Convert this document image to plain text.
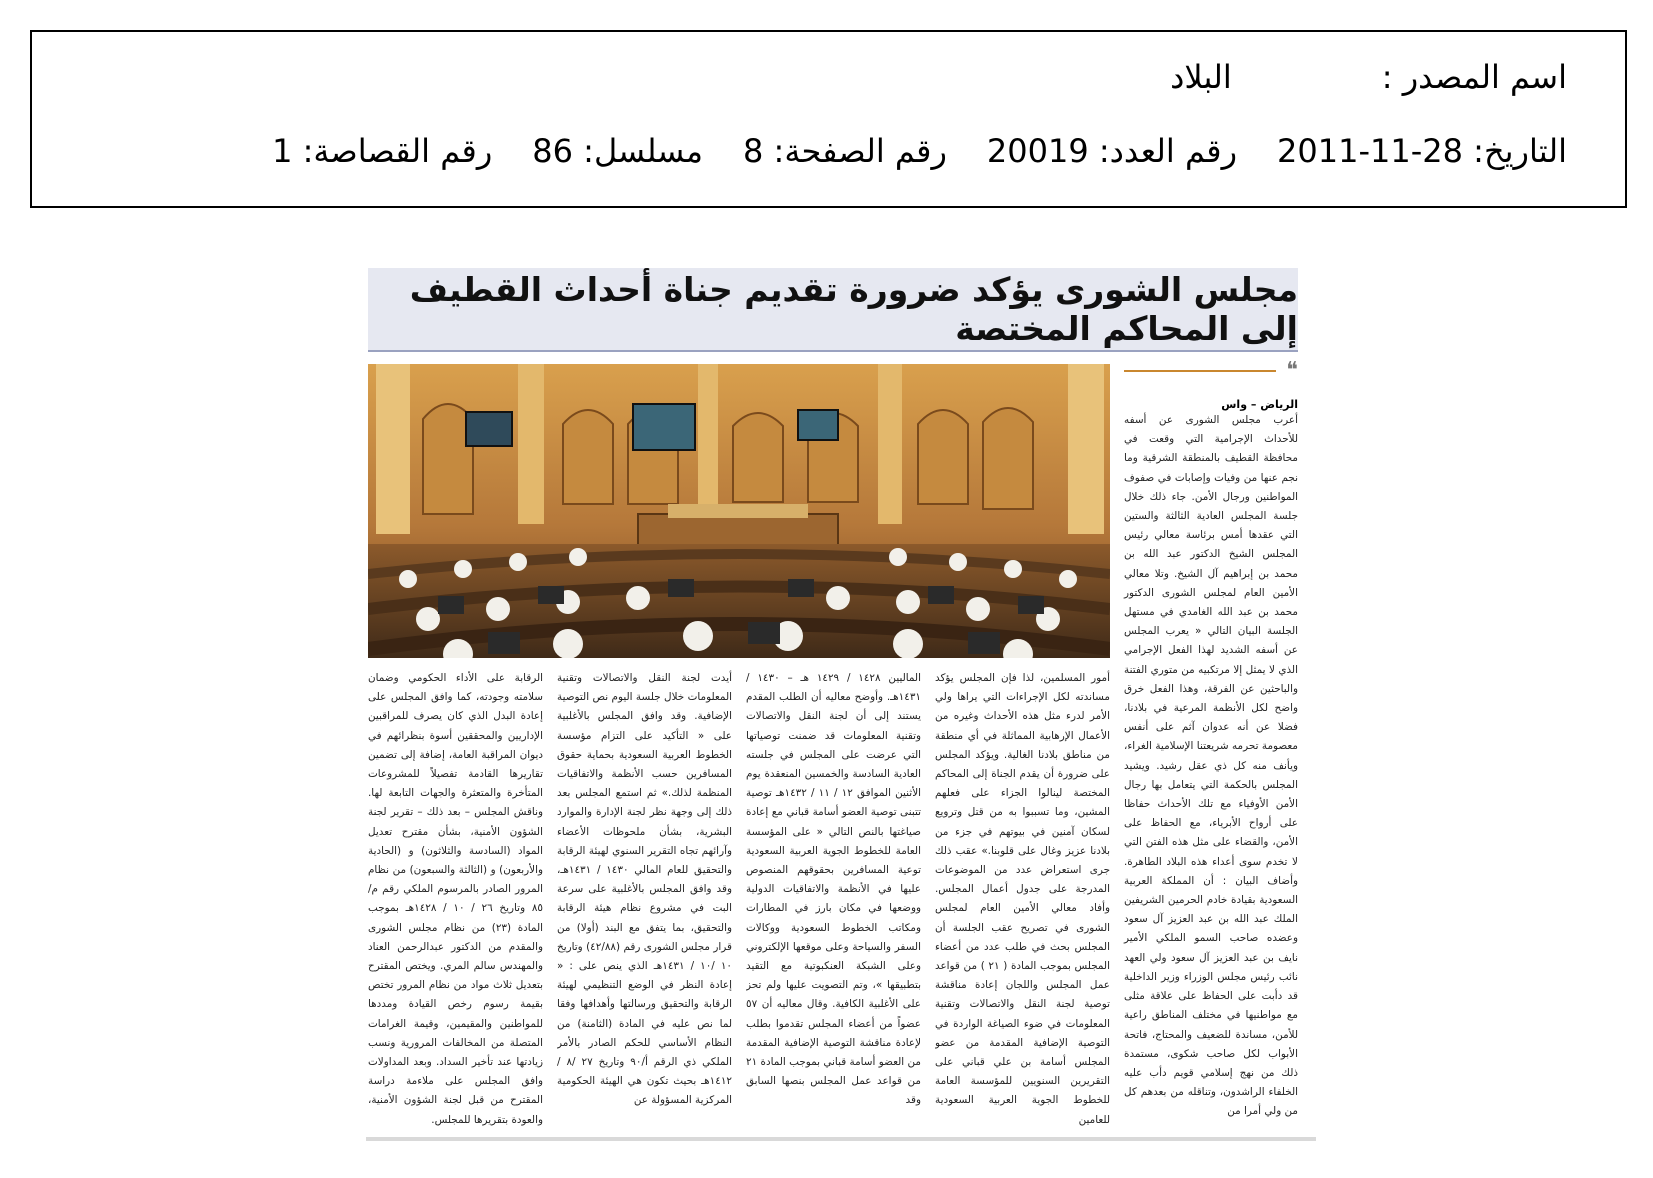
اسم المصدر :
البلاد
التاريخ: 28-11-2011
رقم العدد: 20019
رقم الصفحة: 8
مسلسل: 86
رقم القصاصة: 1
مجلس الشورى يؤكد ضرورة تقديم جناة أحداث القطيف إلى المحاكم المختصة
❝
الرياض – واس

أعرب مجلس الشورى عن أسفه للأحداث الإجرامية التي وقعت في محافظة القطيف بالمنطقة الشرقية وما نجم عنها من وفيات وإصابات في صفوف المواطنين ورجال الأمن. جاء ذلك خلال جلسة المجلس العادية الثالثة والستين التي عقدها أمس برئاسة معالي رئيس المجلس الشيخ الدكتور عبد الله بن محمد بن إبراهيم آل الشيخ. وتلا معالي الأمين العام لمجلس الشورى الدكتور محمد بن عبد الله الغامدي في مستهل الجلسة البيان التالي « يعرب المجلس عن أسفه الشديد لهذا الفعل الإجرامي الذي لا يمثل إلا مرتكبيه من متوري الفتنة والباحثين عن الفرقة، وهذا الفعل خرق واضح لكل الأنظمة المرعية في بلادنا، فضلا عن أنه عدوان آثم على أنفس معصومة تحرمه شريعتنا الإسلامية الغراء، ويأنف منه كل ذي عقل رشيد. ويشيد المجلس بالحكمة التي يتعامل بها رجال الأمن الأوفياء مع تلك الأحداث حفاظا على أرواح الأبرياء، مع الحفاظ على الأمن، والقضاء على مثل هذه الفتن التي لا تخدم سوى أعداء هذه البلاد الطاهرة. وأضاف البيان : أن المملكة العربية السعودية بقيادة خادم الحرمين الشريفين الملك عبد الله بن عبد العزيز آل سعود وعضده صاحب السمو الملكي الأمير نايف بن عبد العزيز آل سعود ولي العهد نائب رئيس مجلس الوزراء وزير الداخلية قد دأبت على الحفاظ على علاقة مثلى مع مواطنيها في مختلف المناطق راعية للأمن، مساندة للضعيف والمحتاج، فاتحة الأبواب لكل صاحب شكوى، مستمدة ذلك من نهج إسلامي قويم دأب عليه الخلفاء الراشدون، وتناقله من بعدهم كل من ولي أمرا من

أمور المسلمين، لذا فإن المجلس يؤكد مساندته لكل الإجراءات التي يراها ولي الأمر لدرء مثل هذه الأحداث وغيره من الأعمال الإرهابية المماثلة في أي منطقة من مناطق بلادنا الغالية. ويؤكد المجلس على ضرورة أن يقدم الجناة إلى المحاكم المختصة لينالوا الجزاء على فعلهم المشين، وما تسببوا به من قتل وترويع لسكان آمنين في بيوتهم في جزء من بلادنا عزيز وغال على قلوبنا.» عقب ذلك جرى استعراض عدد من الموضوعات المدرجة على جدول أعمال المجلس. وأفاد معالي الأمين العام لمجلس الشورى في تصريح عقب الجلسة أن المجلس بحث في طلب عدد من أعضاء المجلس بموجب المادة ( ٢١ ) من قواعد عمل المجلس واللجان إعادة مناقشة توصية لجنة النقل والاتصالات وتقنية المعلومات في ضوء الصياغة الواردة في التوصية الإضافية المقدمة من عضو المجلس أسامة بن علي قباني على التقريرين السنويين للمؤسسة العامة للخطوط الجوية العربية السعودية للعامين

الماليين ١٤٢٨ / ١٤٢٩ هـ – ١٤٣٠ / ١٤٣١هـ. وأوضح معاليه أن الطلب المقدم يستند إلى أن لجنة النقل والاتصالات وتقنية المعلومات قد ضمنت توصياتها التي عرضت على المجلس في جلسته العادية السادسة والخمسين المنعقدة يوم الأثنين الموافق ١٢ / ١١ / ١٤٣٢هـ توصية تتبنى توصية العضو أسامة قباني مع إعادة صياغتها بالنص التالي « على المؤسسة العامة للخطوط الجوية العربية السعودية توعية المسافرين بحقوقهم المنصوص عليها في الأنظمة والاتفاقيات الدولية ووضعها في مكان بارز في المطارات ومكاتب الخطوط السعودية ووكالات السفر والسياحة وعلى موقعها الإلكتروني وعلى الشبكة العنكبوتية مع التقيد بتطبيقها »، وتم التصويت عليها ولم تحز على الأغلبية الكافية. وقال معاليه أن ٥٧ عضواً من أعضاء المجلس تقدموا بطلب لإعادة مناقشة التوصية الإضافية المقدمة من العضو أسامة قباني بموجب المادة ٢١ من قواعد عمل المجلس بنصها السابق وقد

أيدت لجنة النقل والاتصالات وتقنية المعلومات خلال جلسة اليوم نص التوصية الإضافية. وقد وافق المجلس بالأغلبية على « التأكيد على التزام مؤسسة الخطوط العربية السعودية بحماية حقوق المسافرين حسب الأنظمة والاتفاقيات المنظمة لذلك.» ثم استمع المجلس بعد ذلك إلى وجهة نظر لجنة الإدارة والموارد البشرية، بشأن ملحوظات الأعضاء وآرائهم تجاه التقرير السنوي لهيئة الرقابة والتحقيق للعام المالي ١٤٣٠ / ١٤٣١هـ، وقد وافق المجلس بالأغلبية على سرعة البت في مشروع نظام هيئة الرقابة والتحقيق، بما يتفق مع البند (أولا) من قرار مجلس الشورى رقم (٤٢/٨٨) وتاريخ ١٠ /١٠ / ١٤٣١هـ الذي ينص على : « إعادة النظر في الوضع التنظيمي لهيئة الرقابة والتحقيق ورسالتها وأهدافها وفقا لما نص عليه في المادة (الثامنة) من النظام الأساسي للحكم الصادر بالأمر الملكي ذي الرقم أ/٩٠ وتاريخ ٢٧ /٨ / ١٤١٢هـ بحيث تكون هي الهيئة الحكومية المركزية المسؤولة عن

الرقابة على الأداء الحكومي وضمان سلامته وجودته، كما وافق المجلس على إعادة البدل الذي كان يصرف للمراقبين الإداريين والمحققين أسوة بنظرائهم في ديوان المراقبة العامة، إضافة إلى تضمين تقاريرها القادمة تفصيلاً للمشروعات المتأخرة والمتعثرة والجهات التابعة لها. وناقش المجلس – بعد ذلك – تقرير لجنة الشؤون الأمنية، بشأن مقترح تعديل المواد (السادسة والثلاثون) و (الحادية والأربعون) و (الثالثة والسبعون) من نظام المرور الصادر بالمرسوم الملكي رقم م/٨٥ وتاريخ ٢٦ / ١٠ / ١٤٢٨هـ بموجب المادة (٢٣) من نظام مجلس الشورى والمقدم من الدكتور عبدالرحمن العناد والمهندس سالم المري. ويختص المقترح بتعديل ثلاث مواد من نظام المرور تختص بقيمة رسوم رخص القيادة ومددها للمواطنين والمقيمين، وقيمة الغرامات المتصلة من المخالفات المرورية ونسب زيادتها عند تأخير السداد. وبعد المداولات وافق المجلس على ملاءمة دراسة المقترح من قبل لجنة الشؤون الأمنية، والعودة بتقريرها للمجلس.
